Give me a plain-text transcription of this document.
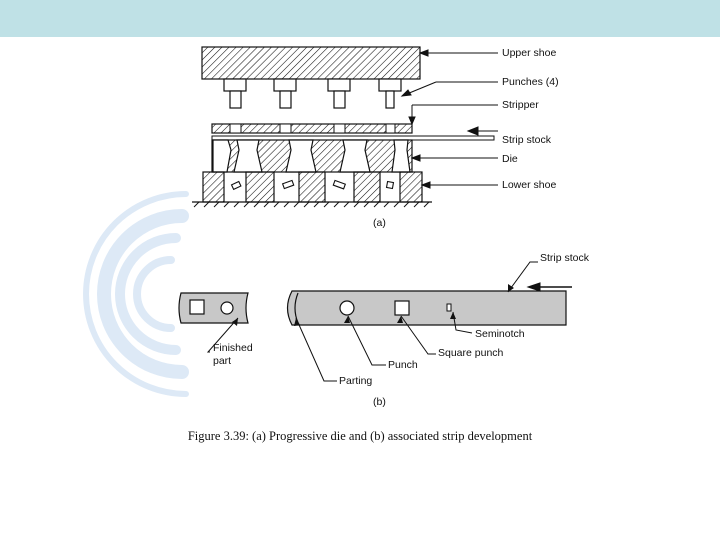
Upper shoe
Punches (4)
Stripper
Strip stock
Die
Lower shoe
(a)
Strip stock
Seminotch
Square punch
Punch
Parting
Finished
part
(b)
Figure 3.39: (a) Progressive die and (b) associated strip development
